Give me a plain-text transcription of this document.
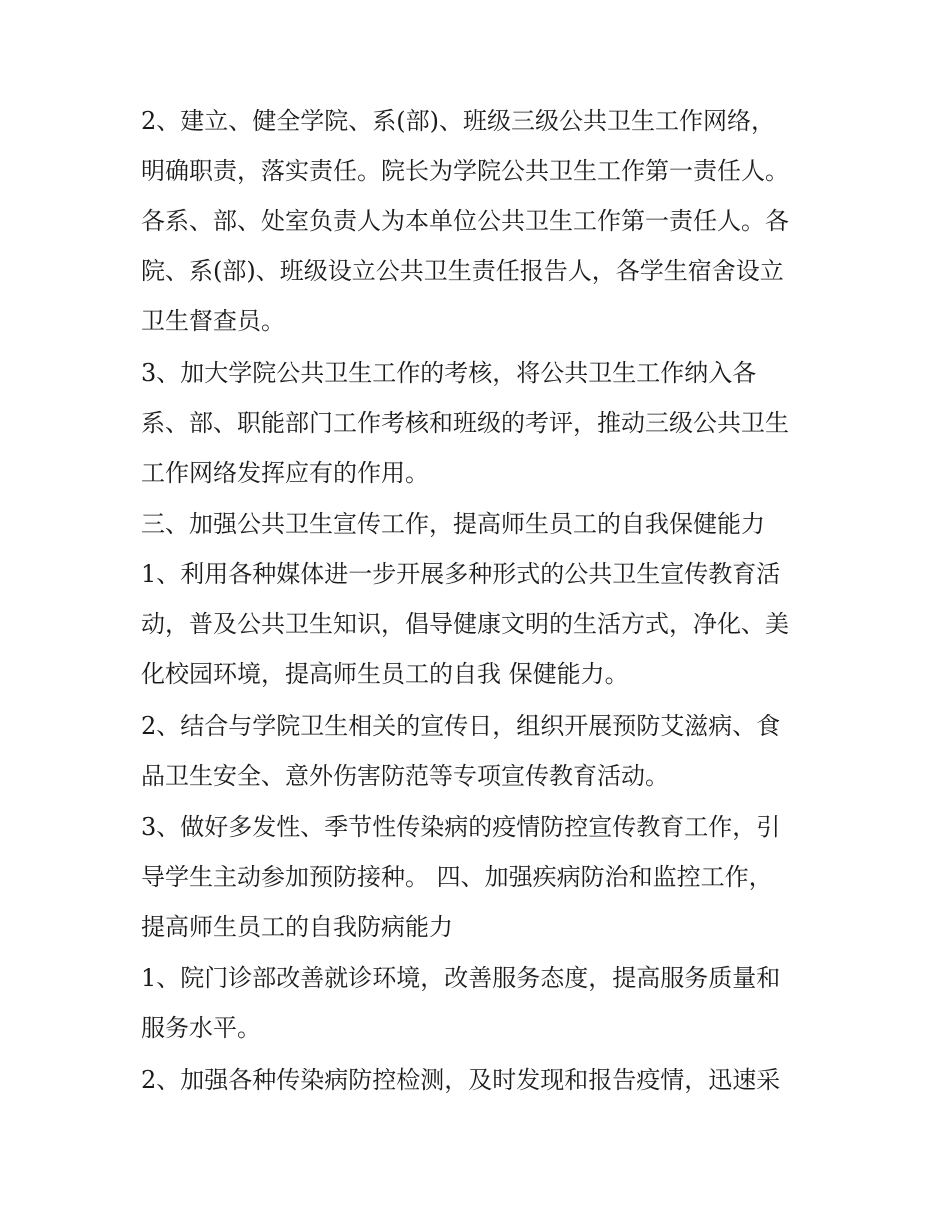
2、建立、健全学院、系(部)、班级三级公共卫生工作网络，
明确职责，落实责任。院长为学院公共卫生工作第一责任人。
各系、部、处室负责人为本单位公共卫生工作第一责任人。各
院、系(部)、班级设立公共卫生责任报告人，各学生宿舍设立
卫生督查员。
3、加大学院公共卫生工作的考核，将公共卫生工作纳入各
系、部、职能部门工作考核和班级的考评，推动三级公共卫生
工作网络发挥应有的作用。
三、加强公共卫生宣传工作，提高师生员工的自我保健能力
1、利用各种媒体进一步开展多种形式的公共卫生宣传教育活
动，普及公共卫生知识，倡导健康文明的生活方式，净化、美
化校园环境，提高师生员工的自我 保健能力。
2、结合与学院卫生相关的宣传日，组织开展预防艾滋病、食
品卫生安全、意外伤害防范等专项宣传教育活动。
3、做好多发性、季节性传染病的疫情防控宣传教育工作，引
导学生主动参加预防接种。 四、加强疾病防治和监控工作，
提高师生员工的自我防病能力
1、院门诊部改善就诊环境，改善服务态度，提高服务质量和
服务水平。
2、加强各种传染病防控检测，及时发现和报告疫情，迅速采
